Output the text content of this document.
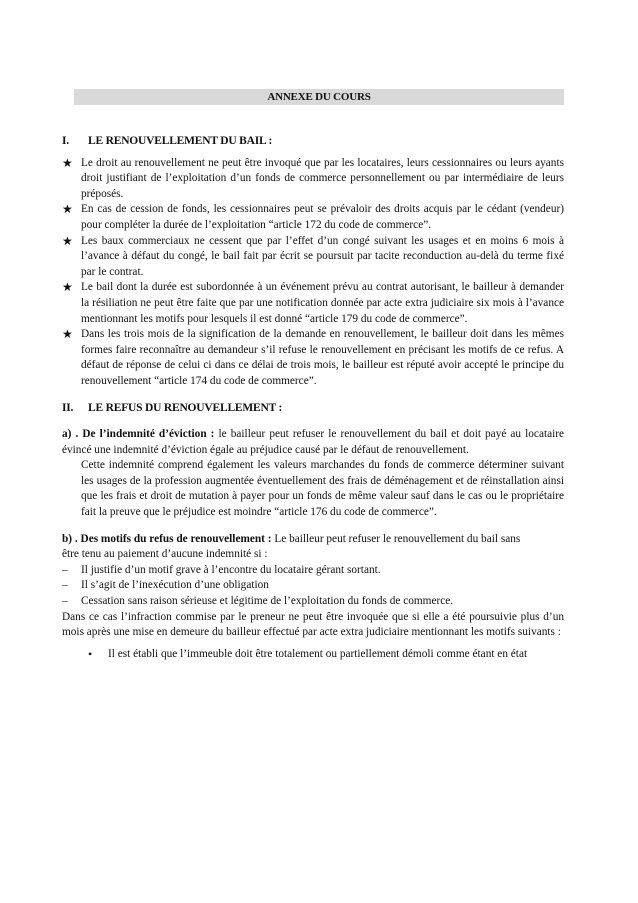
ANNEXE DU COURS
I. LE RENOUVELLEMENT DU BAIL :
★ Le droit au renouvellement ne peut être invoqué que par les locataires, leurs cessionnaires ou leurs ayants droit justifiant de l’exploitation d’un fonds de commerce personnellement ou par intermédiaire de leurs préposés.
★ En cas de cession de fonds, les cessionnaires peut se prévaloir des droits acquis par le cédant (vendeur) pour compléter la durée de l’exploitation “article 172 du code de commerce”.
★ Les baux commerciaux ne cessent que par l’effet d’un congé suivant les usages et en moins 6 mois à l’avance à défaut du congé, le bail fait par écrit se poursuit par tacite reconduction au-delà du terme fixé par le contrat.
★ Le bail dont la durée est subordonnée à un événement prévu au contrat autorisant, le bailleur à demander la résiliation ne peut être faite que par une notification donnée par acte extra judiciaire six mois à l’avance mentionnant les motifs pour lesquels il est donné “article 179 du code de commerce”.
★ Dans les trois mois de la signification de la demande en renouvellement, le bailleur doit dans les mêmes formes faire reconnaître au demandeur s’il refuse le renouvellement en précisant les motifs de ce refus. A défaut de réponse de celui ci dans ce délai de trois mois, le bailleur est réputé avoir accepté le principe du renouvellement “article 174 du code de commerce”.
II. LE REFUS DU RENOUVELLEMENT :

a) . De l’indemnité d’éviction : le bailleur peut refuser le renouvellement du bail et doit payé au locataire évincé une indemnité d’éviction égale au préjudice causé par le défaut de renouvellement.

Cette indemnité comprend également les valeurs marchandes du fonds de commerce déterminer suivant les usages de la profession augmentée éventuellement des frais de déménagement et de réinstallation ainsi que les frais et droit de mutation à payer pour un fonds de même valeur sauf dans le cas ou le propriétaire fait la preuve que le préjudice est moindre “article 176 du code de commerce”.

b) . Des motifs du refus de renouvellement : Le bailleur peut refuser le renouvellement du bail sans

être tenu au paiement d’aucune indemnité si :

– Il justifie d’un motif grave à l’encontre du locataire gérant sortant.
– Il s’agit de l’inexécution d’une obligation
– Cessation sans raison sérieuse et légitime de l’exploitation du fonds de commerce.

Dans ce cas l’infraction commise par le preneur ne peut être invoquée que si elle a été poursuivie plus d’un mois après une mise en demeure du bailleur effectué par acte extra judiciaire mentionnant les motifs suivants :

• Il est établi que l’immeuble doit être totalement ou partiellement démoli comme étant en état
